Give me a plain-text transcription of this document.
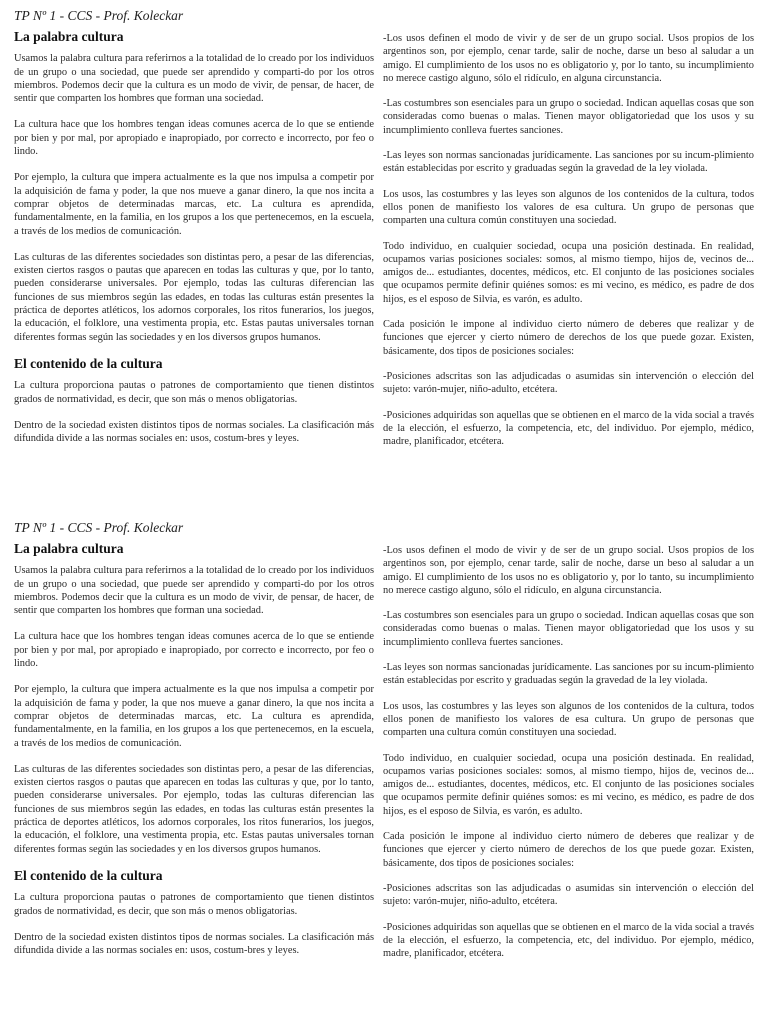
TP Nº 1 - CCS - Prof. Koleckar
La palabra cultura

Usamos la palabra cultura para referirnos a la totalidad de lo creado por los individuos de un grupo o una sociedad, que puede ser aprendido y comparti-do por los otros miembros. Podemos decir que la cultura es un modo de vivir, de pensar, de hacer, de sentir que comparten los hombres que forman una sociedad.

La cultura hace que los hombres tengan ideas comunes acerca de lo que se entiende por bien y por mal, por apropiado e inapropiado, por correcto e incorrecto, por feo o lindo.

Por ejemplo, la cultura que impera actualmente es la que nos impulsa a competir por la adquisición de fama y poder, la que nos mueve a ganar dinero, la que nos incita a comprar objetos de determinadas marcas, etc. La cultura es aprendida, fundamentalmente, en la familia, en los grupos a los que pertenecemos, en la escuela, a través de los medios de comunicación.

Las culturas de las diferentes sociedades son distintas pero, a pesar de las diferencias, existen ciertos rasgos o pautas que aparecen en todas las culturas y que, por lo tanto, pueden considerarse universales. Por ejemplo, todas las culturas diferencian las funciones de sus miembros según las edades, en todas las culturas están presentes la práctica de deportes atléticos, los adornos corporales, los ritos funerarios, los juegos, la educación, el folklore, una vestimenta propia, etc. Estas pautas universales tornan diferentes formas según las sociedades y en los diversos grupos humanos.

El contenido de la cultura

La cultura proporciona pautas o patrones de comportamiento que tienen distintos grados de normatividad, es decir, que son más o menos obligatorias.

Dentro de la sociedad existen distintos tipos de normas sociales. La clasificación más difundida divide a las normas sociales en: usos, costum-bres y leyes.

-Los usos definen el modo de vivir y de ser de un grupo social. Usos propios de los argentinos son, por ejemplo, cenar tarde, salir de noche, darse un beso al saludar a un amigo. El cumplimiento de los usos no es obligatorio y, por lo tanto, su incumplimiento no merece castigo alguno, sólo el ridículo, en alguna circunstancia.

-Las costumbres son esenciales para un grupo o sociedad. Indican aquellas cosas que son consideradas como buenas o malas. Tienen mayor obligatoriedad que los usos y su incumplimiento conlleva fuertes sanciones.

-Las leyes son normas sancionadas jurídicamente. Las sanciones por su incum-plimiento están establecidas por escrito y graduadas según la gravedad de la ley violada.

Los usos, las costumbres y las leyes son algunos de los contenidos de la cultura, todos ellos ponen de manifiesto los valores de esa cultura. Un grupo de personas que comparten una cultura común constituyen una sociedad.

Todo individuo, en cualquier sociedad, ocupa una posición destinada. En realidad, ocupamos varias posiciones sociales: somos, al mismo tiempo, hijos de, vecinos de... amigos de... estudiantes, docentes, médicos, etc. El conjunto de las posiciones sociales que ocupamos permite definir quiénes somos: es mi vecino, es médico, es padre de dos hijos, es el esposo de Silvia, es varón, es adulto.

Cada posición le impone al individuo cierto número de deberes que realizar y de funciones que ejercer y cierto número de derechos de los que puede gozar. Existen, básicamente, dos tipos de posiciones sociales:

-Posiciones adscritas son las adjudicadas o asumidas sin intervención o elección del sujeto: varón-mujer, niño-adulto, etcétera.

-Posiciones adquiridas son aquellas que se obtienen en el marco de la vida social a través de la elección, el esfuerzo, la competencia, etc, del individuo. Por ejemplo, médico, madre, planificador, etcétera.

TP Nº 1 - CCS - Prof. Koleckar
La palabra cultura

Usamos la palabra cultura para referirnos a la totalidad de lo creado por los individuos de un grupo o una sociedad, que puede ser aprendido y comparti-do por los otros miembros. Podemos decir que la cultura es un modo de vivir, de pensar, de hacer, de sentir que comparten los hombres que forman una sociedad.

La cultura hace que los hombres tengan ideas comunes acerca de lo que se entiende por bien y por mal, por apropiado e inapropiado, por correcto e incorrecto, por feo o lindo.

Por ejemplo, la cultura que impera actualmente es la que nos impulsa a competir por la adquisición de fama y poder, la que nos mueve a ganar dinero, la que nos incita a comprar objetos de determinadas marcas, etc. La cultura es aprendida, fundamentalmente, en la familia, en los grupos a los que pertenecemos, en la escuela, a través de los medios de comunicación.

Las culturas de las diferentes sociedades son distintas pero, a pesar de las diferencias, existen ciertos rasgos o pautas que aparecen en todas las culturas y que, por lo tanto, pueden considerarse universales. Por ejemplo, todas las culturas diferencian las funciones de sus miembros según las edades, en todas las culturas están presentes la práctica de deportes atléticos, los adornos corporales, los ritos funerarios, los juegos, la educación, el folklore, una vestimenta propia, etc. Estas pautas universales tornan diferentes formas según las sociedades y en los diversos grupos humanos.

El contenido de la cultura

La cultura proporciona pautas o patrones de comportamiento que tienen distintos grados de normatividad, es decir, que son más o menos obligatorias.

Dentro de la sociedad existen distintos tipos de normas sociales. La clasificación más difundida divide a las normas sociales en: usos, costum-bres y leyes.

-Los usos definen el modo de vivir y de ser de un grupo social. Usos propios de los argentinos son, por ejemplo, cenar tarde, salir de noche, darse un beso al saludar a un amigo. El cumplimiento de los usos no es obligatorio y, por lo tanto, su incumplimiento no merece castigo alguno, sólo el ridículo, en alguna circunstancia.

-Las costumbres son esenciales para un grupo o sociedad. Indican aquellas cosas que son consideradas como buenas o malas. Tienen mayor obligatoriedad que los usos y su incumplimiento conlleva fuertes sanciones.

-Las leyes son normas sancionadas jurídicamente. Las sanciones por su incum-plimiento están establecidas por escrito y graduadas según la gravedad de la ley violada.

Los usos, las costumbres y las leyes son algunos de los contenidos de la cultura, todos ellos ponen de manifiesto los valores de esa cultura. Un grupo de personas que comparten una cultura común constituyen una sociedad.

Todo individuo, en cualquier sociedad, ocupa una posición destinada. En realidad, ocupamos varias posiciones sociales: somos, al mismo tiempo, hijos de, vecinos de... amigos de... estudiantes, docentes, médicos, etc. El conjunto de las posiciones sociales que ocupamos permite definir quiénes somos: es mi vecino, es médico, es padre de dos hijos, es el esposo de Silvia, es varón, es adulto.

Cada posición le impone al individuo cierto número de deberes que realizar y de funciones que ejercer y cierto número de derechos de los que puede gozar. Existen, básicamente, dos tipos de posiciones sociales:

-Posiciones adscritas son las adjudicadas o asumidas sin intervención o elección del sujeto: varón-mujer, niño-adulto, etcétera.

-Posiciones adquiridas son aquellas que se obtienen en el marco de la vida social a través de la elección, el esfuerzo, la competencia, etc, del individuo. Por ejemplo, médico, madre, planificador, etcétera.
